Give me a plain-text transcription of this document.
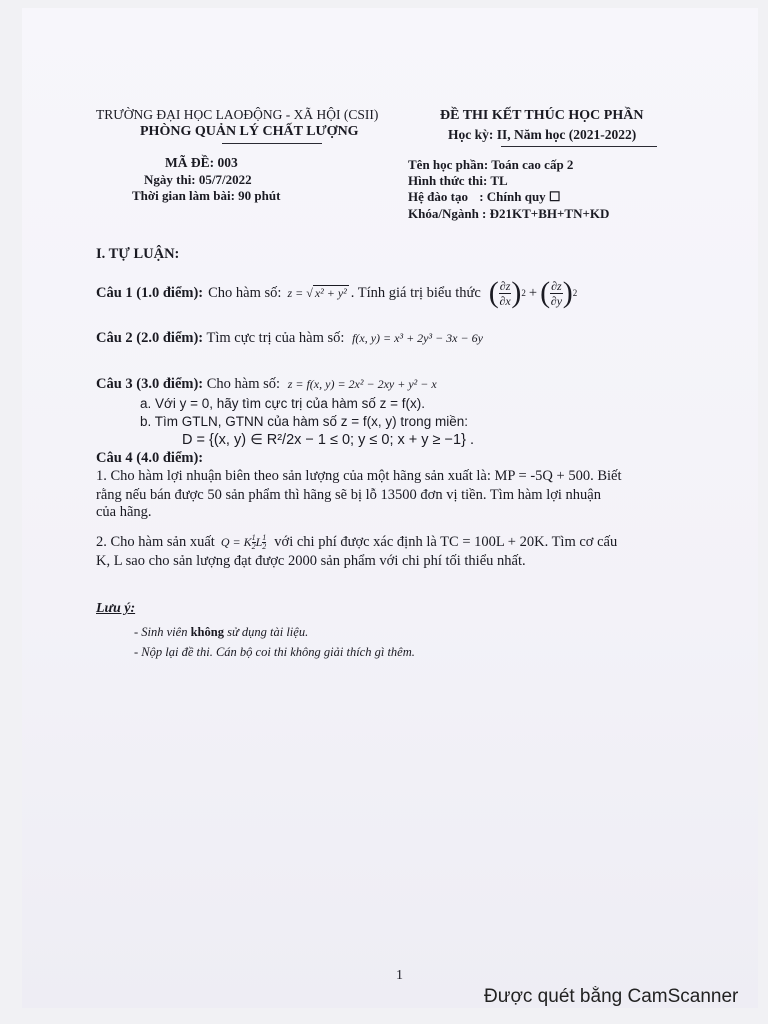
TRƯỜNG ĐẠI HỌC LAOĐỘNG - XÃ HỘI (CSII)
PHÒNG QUẢN LÝ CHẤT LƯỢNG
MÃ ĐỀ: 003
Ngày thi: 05/7/2022
Thời gian làm bài: 90 phút
ĐỀ THI KẾT THÚC HỌC PHẦN
Học kỳ: II, Năm học (2021-2022)
Tên học phần: Toán cao cấp 2
Hình thức thi: TL
Hệ đào tạo : Chính quy ☐
Khóa/Ngành : Đ21KT+BH+TN+KD
I. TỰ LUẬN:
Câu 1 (1.0 điểm): Cho hàm số: z = √ x² + y² . Tính giá trị biểu thức ( $\frac{\partial z}{\partial x}$ ) 2 + ( $\frac{\partial z}{\partial y}$ ) 2
Câu 2 (2.0 điểm): Tìm cực trị của hàm số: f(x, y) = x³ + 2y³ − 3x − 6y
Câu 3 (3.0 điểm): Cho hàm số: z = f(x, y) = 2x² − 2xy + y² − x
a. Với y = 0, hãy tìm cực trị của hàm số z = f(x).
b. Tìm GTLN, GTNN của hàm số z = f(x, y) trong miền:
D = {(x, y) ∈ R²/2x − 1 ≤ 0; y ≤ 0; x + y ≥ −1} .
Câu 4 (4.0 điểm):
1. Cho hàm lợi nhuận biên theo sản lượng của một hãng sản xuất là: MP = -5Q + 500. Biết
rằng nếu bán được 50 sản phẩm thì hãng sẽ bị lỗ 13500 đơn vị tiền. Tìm hàm lợi nhuận
của hãng.
2. Cho hàm sản xuất Q = K $\frac{1}{2}$ L $\frac{1}{2}$ với chi phí được xác định là TC = 100L + 20K. Tìm cơ cấu
K, L sao cho sản lượng đạt được 2000 sản phẩm với chi phí tối thiểu nhất.
Lưu ý:
- Sinh viên không sử dụng tài liệu.
- Nộp lại đề thi. Cán bộ coi thi không giải thích gì thêm.
1
Được quét bằng CamScanner
